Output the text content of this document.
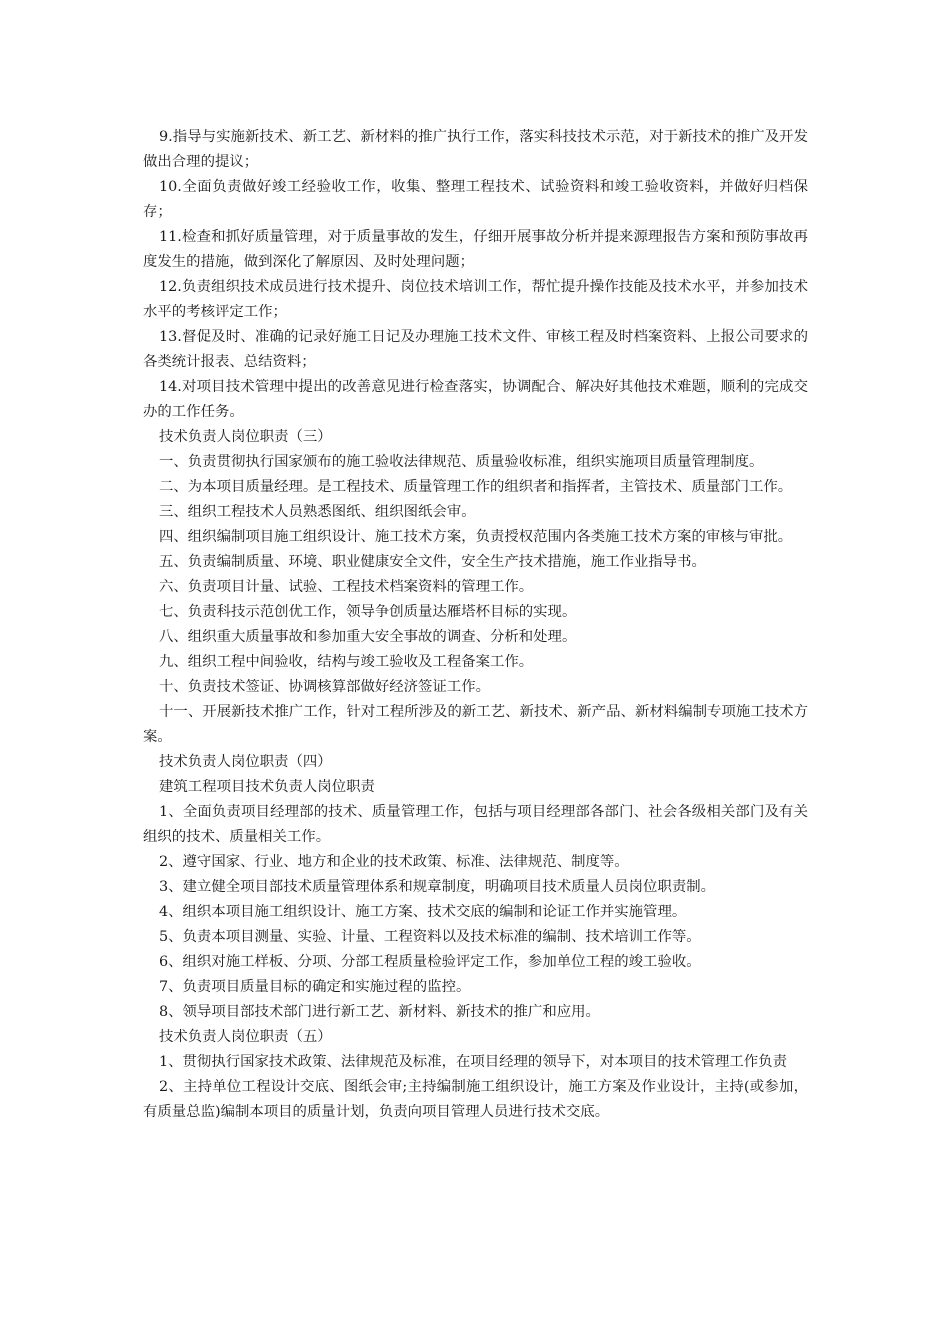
9.指导与实施新技术、新工艺、新材料的推广执行工作，落实科技技术示范，对于新技术的推广及开发做出合理的提议；

10.全面负责做好竣工经验收工作，收集、整理工程技术、试验资料和竣工验收资料，并做好归档保存；

11.检查和抓好质量管理，对于质量事故的发生，仔细开展事故分析并提来源理报告方案和预防事故再度发生的措施，做到深化了解原因、及时处理问题；

12.负责组织技术成员进行技术提升、岗位技术培训工作，帮忙提升操作技能及技术水平，并参加技术水平的考核评定工作；

13.督促及时、准确的记录好施工日记及办理施工技术文件、审核工程及时档案资料、上报公司要求的各类统计报表、总结资料；

14.对项目技术管理中提出的改善意见进行检查落实，协调配合、解决好其他技术难题，顺利的完成交办的工作任务。

技术负责人岗位职责（三）

一、负责贯彻执行国家颁布的施工验收法律规范、质量验收标准，组织实施项目质量管理制度。

二、为本项目质量经理。是工程技术、质量管理工作的组织者和指挥者，主管技术、质量部门工作。

三、组织工程技术人员熟悉图纸、组织图纸会审。

四、组织编制项目施工组织设计、施工技术方案，负责授权范围内各类施工技术方案的审核与审批。

五、负责编制质量、环境、职业健康安全文件，安全生产技术措施，施工作业指导书。

六、负责项目计量、试验、工程技术档案资料的管理工作。

七、负责科技示范创优工作，领导争创质量达雁塔杯目标的实现。

八、组织重大质量事故和参加重大安全事故的调查、分析和处理。

九、组织工程中间验收，结构与竣工验收及工程备案工作。

十、负责技术签证、协调核算部做好经济签证工作。

十一、开展新技术推广工作，针对工程所涉及的新工艺、新技术、新产品、新材料编制专项施工技术方案。

技术负责人岗位职责（四）

建筑工程项目技术负责人岗位职责

1、全面负责项目经理部的技术、质量管理工作，包括与项目经理部各部门、社会各级相关部门及有关组织的技术、质量相关工作。

2、遵守国家、行业、地方和企业的技术政策、标准、法律规范、制度等。

3、建立健全项目部技术质量管理体系和规章制度，明确项目技术质量人员岗位职责制。

4、组织本项目施工组织设计、施工方案、技术交底的编制和论证工作并实施管理。

5、负责本项目测量、实验、计量、工程资料以及技术标准的编制、技术培训工作等。

6、组织对施工样板、分项、分部工程质量检验评定工作，参加单位工程的竣工验收。

7、负责项目质量目标的确定和实施过程的监控。

8、领导项目部技术部门进行新工艺、新材料、新技术的推广和应用。

技术负责人岗位职责（五）

1、贯彻执行国家技术政策、法律规范及标准，在项目经理的领导下，对本项目的技术管理工作负责

2、主持单位工程设计交底、图纸会审;主持编制施工组织设计，施工方案及作业设计，主持(或参加，有质量总监)编制本项目的质量计划，负责向项目管理人员进行技术交底。
